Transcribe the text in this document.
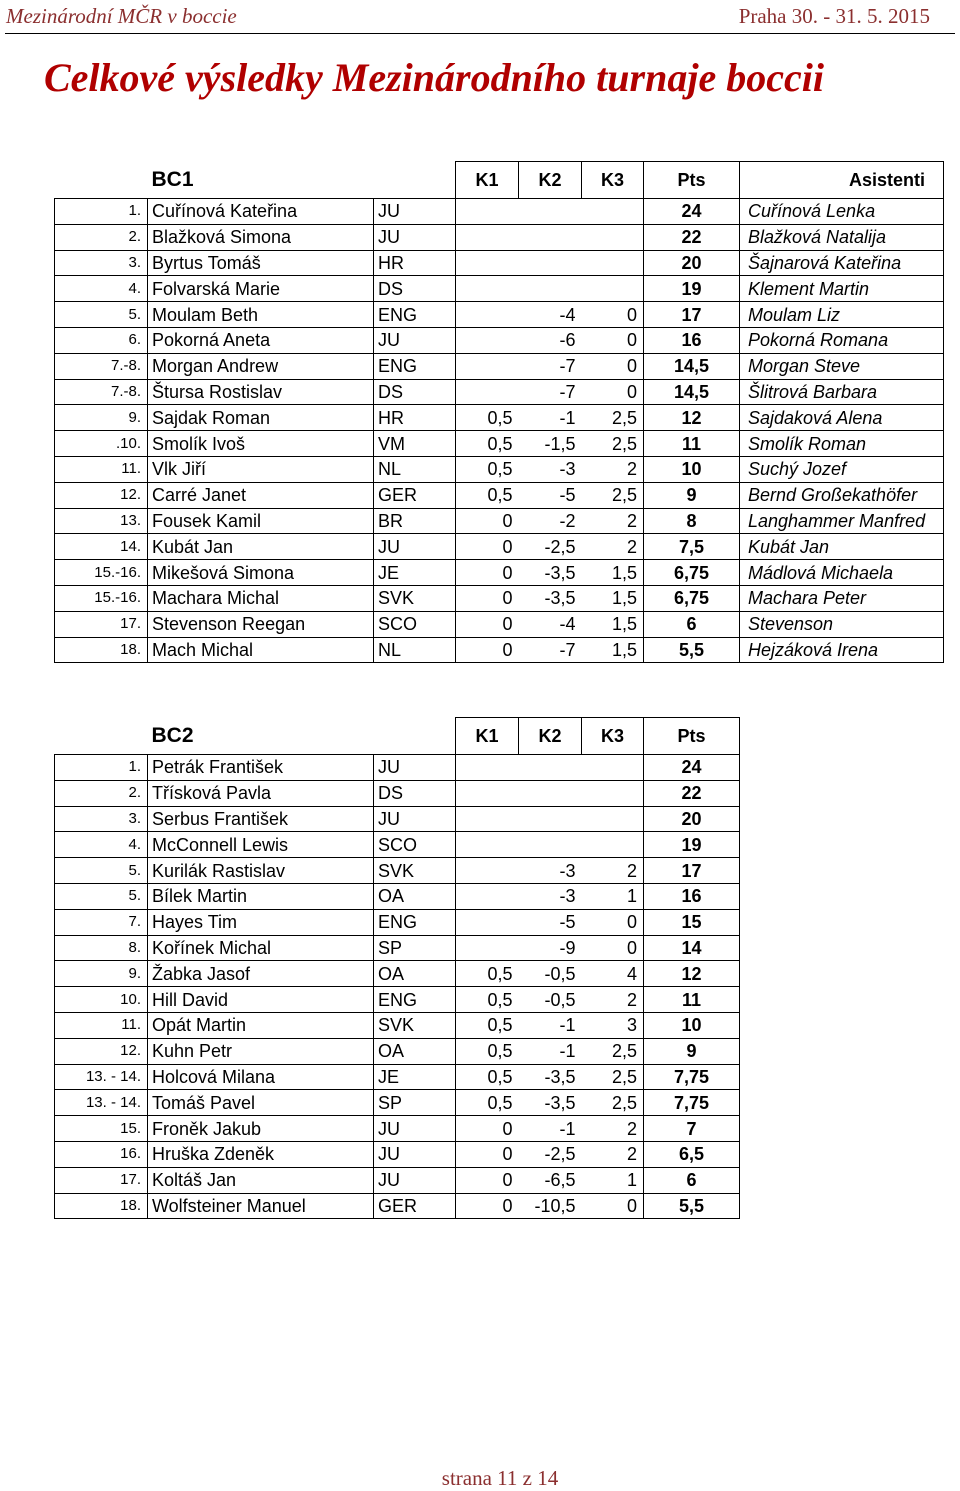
Mezinárodní MČR v boccie	Praha 30. - 31. 5. 2015
Celkové výsledky Mezinárodního turnaje boccii
	BC1		K1	K2	K3	Pts	Asistenti
1.	Cuřínová Kateřina	JU				24	Cuřínová Lenka
2.	Blažková Simona	JU				22	Blažková Natalija
3.	Byrtus Tomáš	HR				20	Šajnarová Kateřina
4.	Folvarská Marie	DS				19	Klement Martin
5.	Moulam Beth	ENG		-4	0	17	Moulam Liz
6.	Pokorná Aneta	JU		-6	0	16	Pokorná Romana
7.-8.	Morgan Andrew	ENG		-7	0	14,5	Morgan Steve
7.-8.	Štursa Rostislav	DS		-7	0	14,5	Šlitrová Barbara
9.	Sajdak Roman	HR	0,5	-1	2,5	12	Sajdaková Alena
.10.	Smolík Ivoš	VM	0,5	-1,5	2,5	11	Smolík Roman
11.	Vlk Jiří	NL	0,5	-3	2	10	Suchý Jozef
12.	Carré Janet	GER	0,5	-5	2,5	9	Bernd Großekathöfer
13.	Fousek Kamil	BR	0	-2	2	8	Langhammer Manfred
14.	Kubát Jan	JU	0	-2,5	2	7,5	Kubát Jan
15.-16.	Mikešová Simona	JE	0	-3,5	1,5	6,75	Mádlová Michaela
15.-16.	Machara Michal	SVK	0	-3,5	1,5	6,75	Machara Peter
17.	Stevenson Reegan	SCO	0	-4	1,5	6	Stevenson
18.	Mach Michal	NL	0	-7	1,5	5,5	Hejzáková Irena
	BC2		K1	K2	K3	Pts
1.	Petrák František	JU				24
2.	Třísková Pavla	DS				22
3.	Serbus František	JU				20
4.	McConnell Lewis	SCO				19
5.	Kurilák Rastislav	SVK		-3	2	17
5.	Bílek Martin	OA		-3	1	16
7.	Hayes Tim	ENG		-5	0	15
8.	Kořínek Michal	SP		-9	0	14
9.	Žabka Jasof	OA	0,5	-0,5	4	12
10.	Hill David	ENG	0,5	-0,5	2	11
11.	Opát Martin	SVK	0,5	-1	3	10
12.	Kuhn Petr	OA	0,5	-1	2,5	9
13. - 14.	Holcová Milana	JE	0,5	-3,5	2,5	7,75
13. - 14.	Tomáš Pavel	SP	0,5	-3,5	2,5	7,75
15.	Froněk Jakub	JU	0	-1	2	7
16.	Hruška Zdeněk	JU	0	-2,5	2	6,5
17.	Koltáš Jan	JU	0	-6,5	1	6
18.	Wolfsteiner Manuel	GER	0	-10,5	0	5,5
strana 11 z 14
